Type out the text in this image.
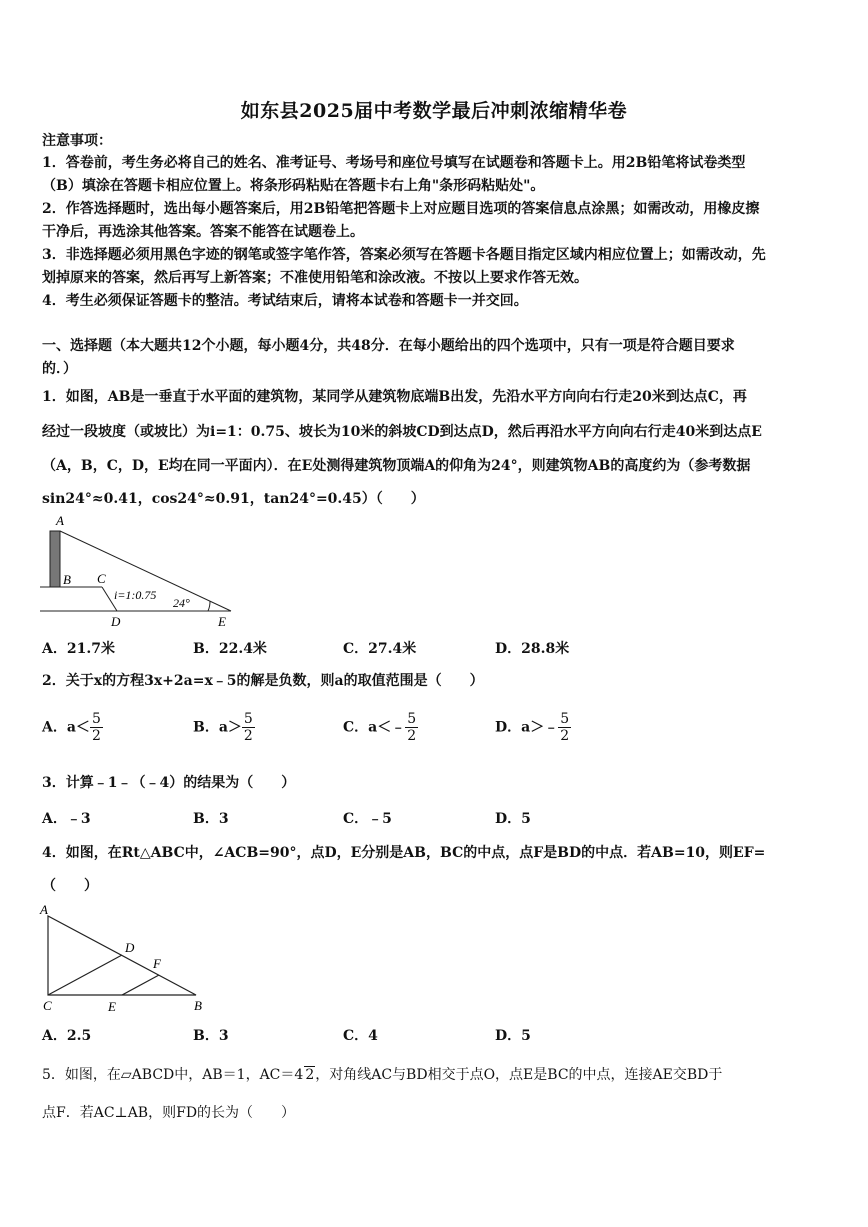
如东县2025届中考数学最后冲刺浓缩精华卷
注意事项：
1．答卷前，考生务必将自己的姓名、准考证号、考场号和座位号填写在试题卷和答题卡上。用2B铅笔将试卷类型
（B）填涂在答题卡相应位置上。将条形码粘贴在答题卡右上角"条形码粘贴处"。
2．作答选择题时，选出每小题答案后，用2B铅笔把答题卡上对应题目选项的答案信息点涂黑；如需改动，用橡皮擦
干净后，再选涂其他答案。答案不能答在试题卷上。
3．非选择题必须用黑色字迹的钢笔或签字笔作答，答案必须写在答题卡各题目指定区域内相应位置上；如需改动，先
划掉原来的答案，然后再写上新答案；不准使用铅笔和涂改液。不按以上要求作答无效。
4．考生必须保证答题卡的整洁。考试结束后，请将本试卷和答题卡一并交回。
一、选择题（本大题共12个小题，每小题4分，共48分．在每小题给出的四个选项中，只有一项是符合题目要求
的．）
1．如图，AB是一垂直于水平面的建筑物，某同学从建筑物底端B出发，先沿水平方向向右行走20米到达点C，再
经过一段坡度（或坡比）为i=1：0.75、坡长为10米的斜坡CD到达点D，然后再沿水平方向向右行走40米到达点E
（A，B，C，D，E均在同一平面内）．在E处测得建筑物顶端A的仰角为24°，则建筑物AB的高度约为（参考数据
sin24°≈0.41，cos24°≈0.91，tan24°=0.45）（　　）
A
B C
D	E
i=1:0.75
24°
A．21.7米	B．22.4米	C．27.4米	D．28.8米
2．关于x的方程3x+2a=x﹣5的解是负数，则a的取值范围是（　　）
A．$a< \frac{5}{2}$	B．$a> \frac{5}{2}$	C．a＜﹣ $\frac{5}{2}$	D．a＞﹣ $\frac{5}{2}$
3．计算﹣1﹣（﹣4）的结果为（　　）
A．﹣3	B．3	C．﹣5	D．5
4．如图，在Rt△ABC中，∠ACB=90°，点D，E分别是AB，BC的中点，点F是BD的中点．若AB=10，则EF=
（　　）
A
D
F
C	E	B
A．2.5	B．3	C．4	D．5
5．如图，在▱ABCD中，AB＝1，AC＝4 2，对角线AC与BD相交于点O，点E是BC的中点，连接AE交BD于
点F．若AC⊥AB，则FD的长为（　　）
